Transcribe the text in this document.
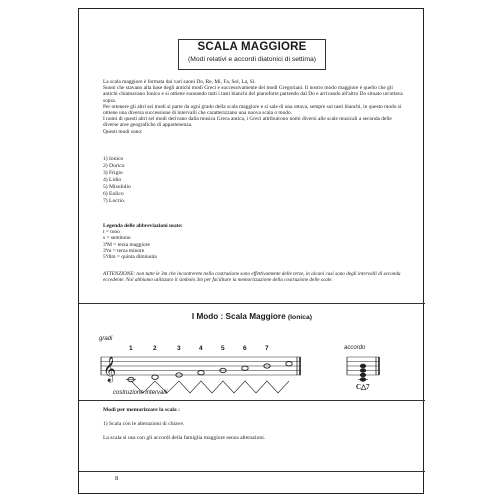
SCALA MAGGIORE
(Modi relativi e accordi diatonici di settima)

La scala maggiore è formata dai vari suoni Do, Re, Mi, Fa, Sol, La, Si.

Suoni che stavano alla base degli antichi modi Greci e successivamente dei modi Gregoriani. Il nostro modo maggiore è quello che gli antichi chiamavano Ionico e si ottiene suonando tutti i tasti bianchi del pianoforte partendo dal Do e arrivando all'altro Do situato un'ottava sopra.

Per ottenere gli altri sei modi si parte da ogni grado della scala maggiore e si sale di una ottava, sempre sui tasti bianchi, in questo modo si ottiene una diversa successione di intervalli che caratterizzano una nuova scala o modo.

I nomi di questi altri sei modi derivano dalla musica Greca antica, i Greci attribuirono nomi diversi alle scale musicali a seconda delle diverse aree geografiche di appartenenza.

Questi modi sono:

1) Ionico
2) Dorico
3) Frigio
4) Lidio
5) Misolidio
6) Eolico
7) Locrio.
Legenda delle abbreviazioni usate:
t = tono
s = semitono
3ªM = terza maggiore
3ªm = terza minore
5ªdim = quinta diminuita
ATTENZIONE: non tutte le 3m che incontrerete nella costruzione sono effettivamente delle terze, in alcuni casi sono degli intervalli di seconda eccedente. Noi abbiamo utilizzato il simbolo 3m per facilitare la memorizzazione della costruzione delle scale.
I Modo : Scala Maggiore (Ionica)
𝄞
gradi
costruzione intervalli
accordo
C△7
1	2	3	4	5	6	7
Modi per memorizzare la scala :
1) Scala con le alterazioni di chiave.
La scala si usa con gli accordi della famiglia maggiore senza alterazioni.
8
